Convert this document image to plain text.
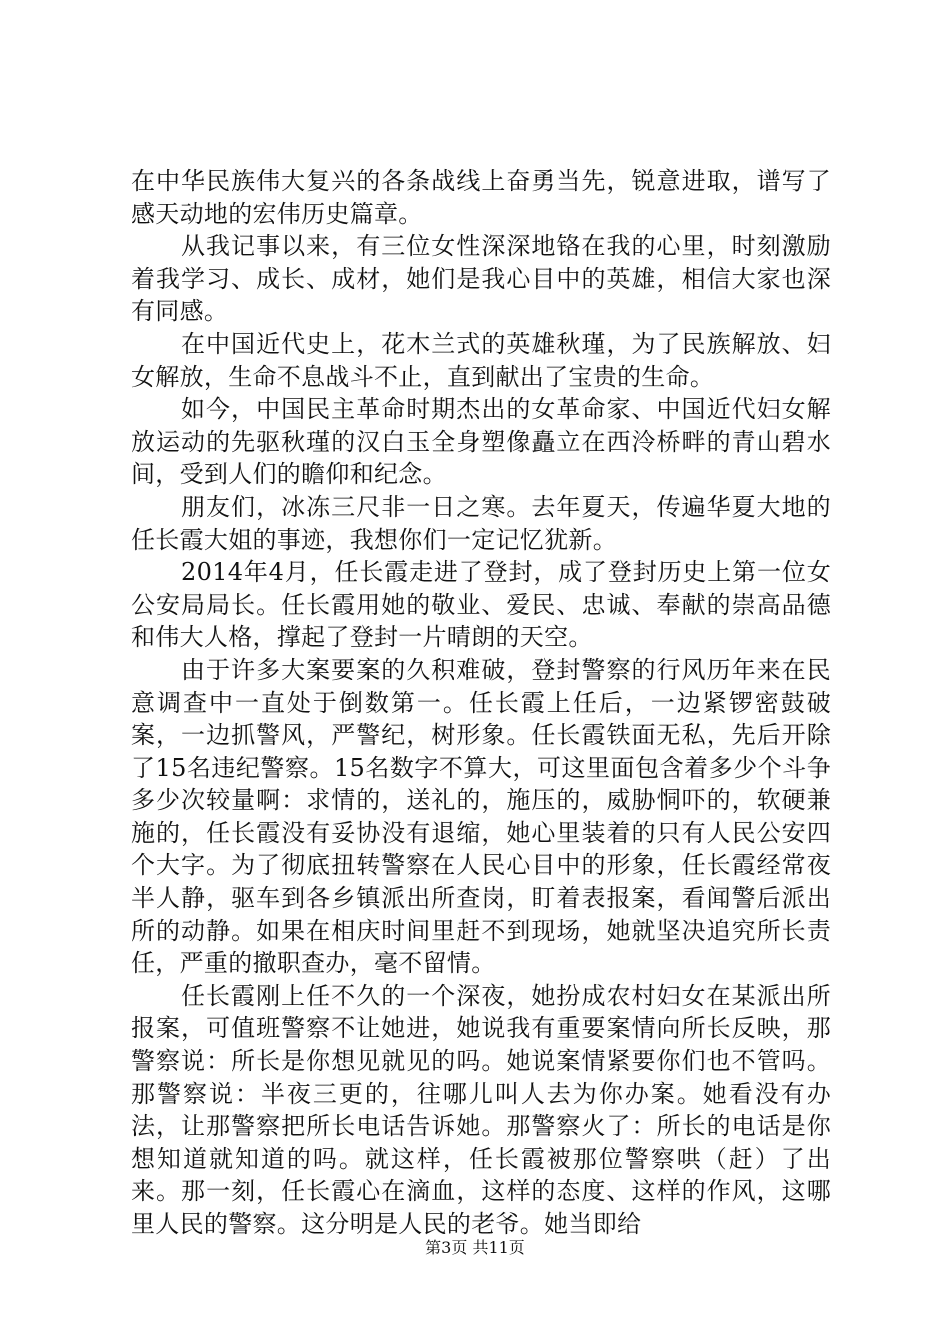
在中华民族伟大复兴的各条战线上奋勇当先，锐意进取，谱写了感天动地的宏伟历史篇章。

从我记事以来，有三位女性深深地铬在我的心里，时刻激励着我学习、成长、成材，她们是我心目中的英雄，相信大家也深有同感。

在中国近代史上，花木兰式的英雄秋瑾，为了民族解放、妇女解放，生命不息战斗不止，直到献出了宝贵的生命。

如今，中国民主革命时期杰出的女革命家、中国近代妇女解放运动的先驱秋瑾的汉白玉全身塑像矗立在西泠桥畔的青山碧水间，受到人们的瞻仰和纪念。

朋友们，冰冻三尺非一日之寒。去年夏天，传遍华夏大地的任长霞大姐的事迹，我想你们一定记忆犹新。

2014年4月，任长霞走进了登封，成了登封历史上第一位女公安局局长。任长霞用她的敬业、爱民、忠诚、奉献的崇高品德和伟大人格，撑起了登封一片晴朗的天空。

由于许多大案要案的久积难破，登封警察的行风历年来在民意调查中一直处于倒数第一。任长霞上任后，一边紧锣密鼓破案，一边抓警风，严警纪，树形象。任长霞铁面无私，先后开除了15名违纪警察。15名数字不算大，可这里面包含着多少个斗争多少次较量啊：求情的，送礼的，施压的，威胁恫吓的，软硬兼施的，任长霞没有妥协没有退缩，她心里装着的只有人民公安四个大字。为了彻底扭转警察在人民心目中的形象，任长霞经常夜半人静，驱车到各乡镇派出所查岗，盯着表报案，看闻警后派出所的动静。如果在相庆时间里赶不到现场，她就坚决追究所长责任，严重的撤职查办，毫不留情。

任长霞刚上任不久的一个深夜，她扮成农村妇女在某派出所报案，可值班警察不让她进，她说我有重要案情向所长反映，那警察说：所长是你想见就见的吗。她说案情紧要你们也不管吗。那警察说：半夜三更的，往哪儿叫人去为你办案。她看没有办法，让那警察把所长电话告诉她。那警察火了：所长的电话是你想知道就知道的吗。就这样，任长霞被那位警察哄（赶）了出来。那一刻，任长霞心在滴血，这样的态度、这样的作风，这哪里人民的警察。这分明是人民的老爷。她当即给

第3页 共11页
